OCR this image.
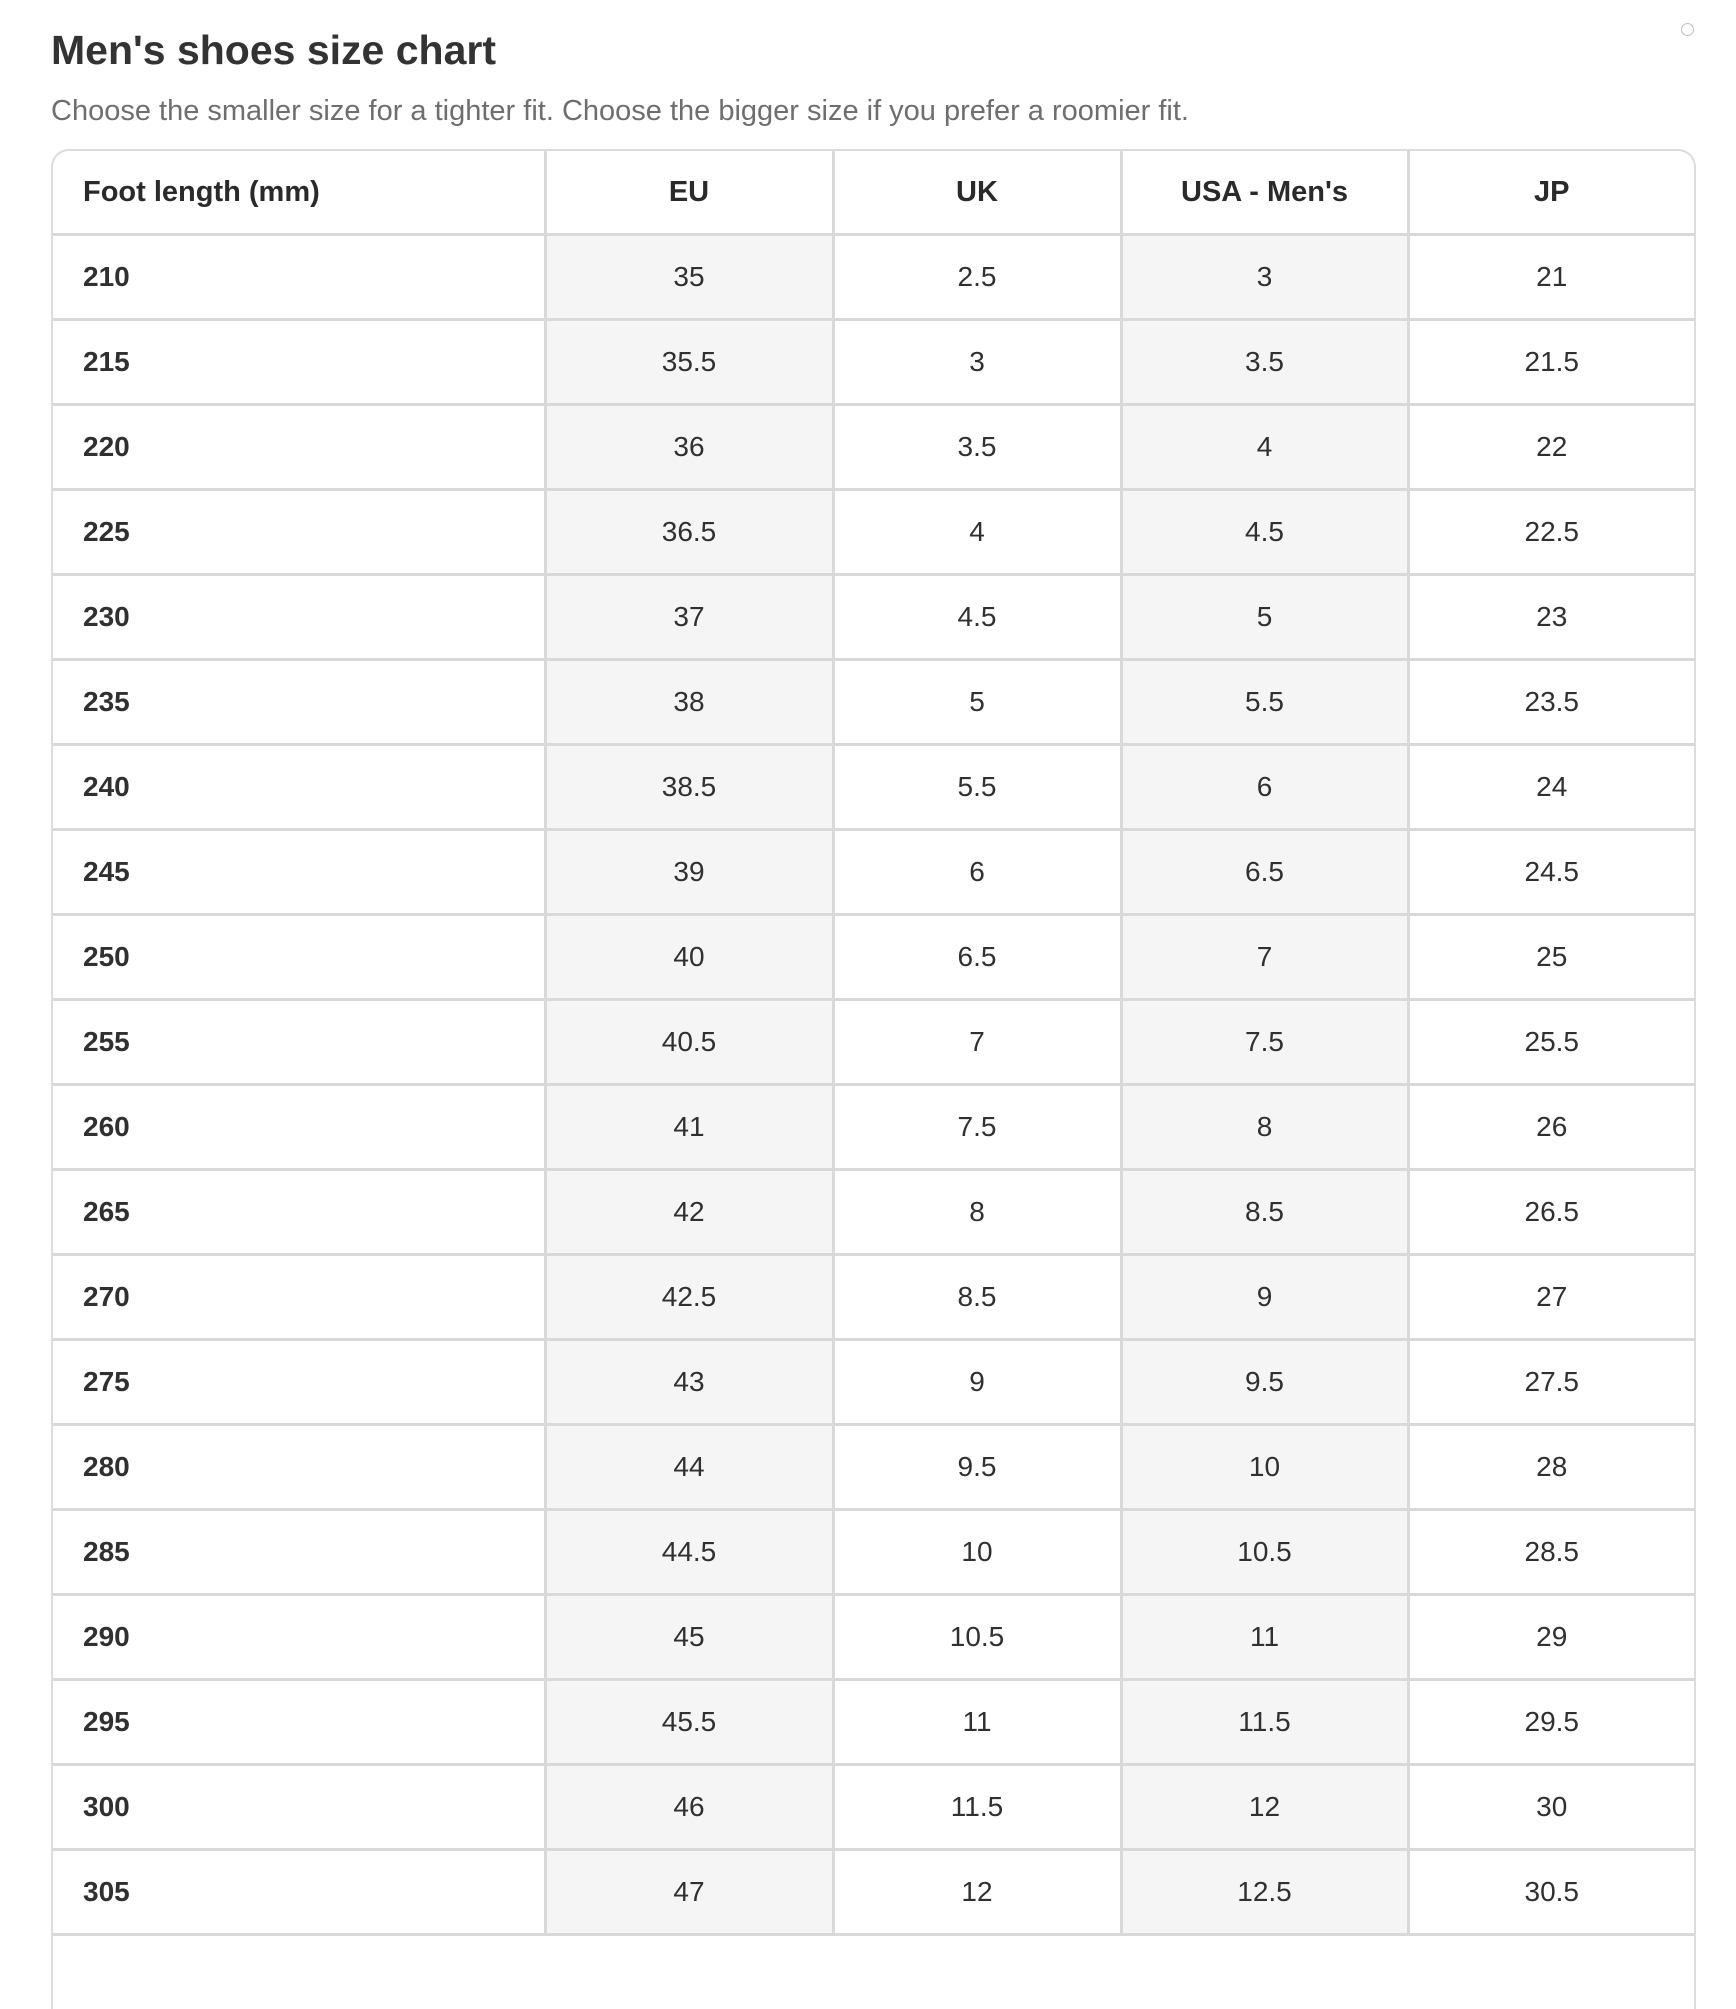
Men's shoes size chart

Choose the smaller size for a tighter fit. Choose the bigger size if you prefer a roomier fit.

Foot length (mm)	EU	UK	USA - Men's	JP
210	35	2.5	3	21
215	35.5	3	3.5	21.5
220	36	3.5	4	22
225	36.5	4	4.5	22.5
230	37	4.5	5	23
235	38	5	5.5	23.5
240	38.5	5.5	6	24
245	39	6	6.5	24.5
250	40	6.5	7	25
255	40.5	7	7.5	25.5
260	41	7.5	8	26
265	42	8	8.5	26.5
270	42.5	8.5	9	27
275	43	9	9.5	27.5
280	44	9.5	10	28
285	44.5	10	10.5	28.5
290	45	10.5	11	29
295	45.5	11	11.5	29.5
300	46	11.5	12	30
305	47	12	12.5	30.5
